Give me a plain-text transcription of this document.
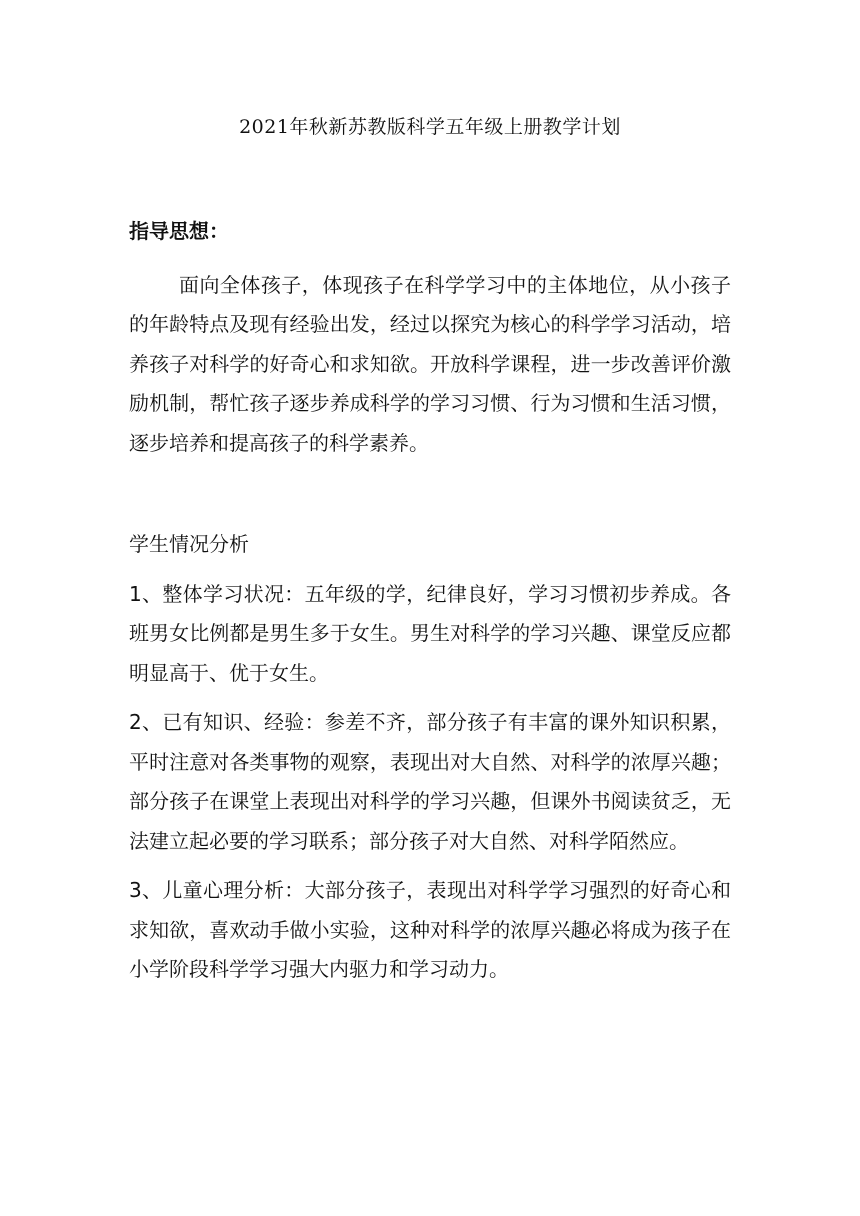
2021年秋新苏教版科学五年级上册教学计划

指导思想：

面向全体孩子，体现孩子在科学学习中的主体地位，从小孩子的年龄特点及现有经验出发，经过以探究为核心的科学学习活动，培养孩子对科学的好奇心和求知欲。开放科学课程，进一步改善评价激励机制，帮忙孩子逐步养成科学的学习习惯、行为习惯和生活习惯，逐步培养和提高孩子的科学素养。

学生情况分析

1、整体学习状况：五年级的学，纪律良好，学习习惯初步养成。各班男女比例都是男生多于女生。男生对科学的学习兴趣、课堂反应都明显高于、优于女生。

2、已有知识、经验：参差不齐，部分孩子有丰富的课外知识积累，平时注意对各类事物的观察，表现出对大自然、对科学的浓厚兴趣；部分孩子在课堂上表现出对科学的学习兴趣，但课外书阅读贫乏，无法建立起必要的学习联系；部分孩子对大自然、对科学陌然应。

3、儿童心理分析：大部分孩子，表现出对科学学习强烈的好奇心和求知欲，喜欢动手做小实验，这种对科学的浓厚兴趣必将成为孩子在小学阶段科学学习强大内驱力和学习动力。
